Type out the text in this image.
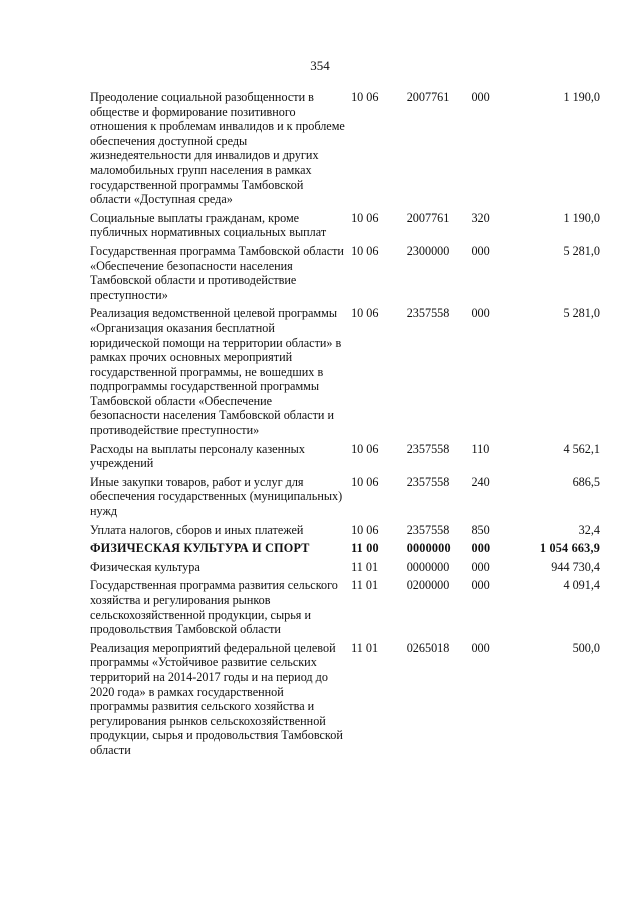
354
Преодоление социальной разобщенности в обществе и формирование позитивного отношения к проблемам инвалидов и к проблеме обеспечения доступной среды жизнедеятельности для инвалидов и других маломобильных групп населения в рамках государственной программы Тамбовской области «Доступная среда»	10 06	2007761	000	1 190,0
Социальные выплаты гражданам, кроме публичных нормативных социальных выплат	10 06	2007761	320	1 190,0
Государственная программа Тамбовской области «Обеспечение безопасности населения Тамбовской области и противодействие преступности»	10 06	2300000	000	5 281,0
Реализация ведомственной целевой программы «Организация оказания бесплатной юридической помощи на территории области» в рамках прочих основных мероприятий государственной программы, не вошедших в подпрограммы государственной программы Тамбовской области «Обеспечение безопасности населения Тамбовской области и противодействие преступности»	10 06	2357558	000	5 281,0
Расходы на выплаты персоналу казенных учреждений	10 06	2357558	110	4 562,1
Иные закупки товаров, работ и услуг для обеспечения государственных (муниципальных) нужд	10 06	2357558	240	686,5
Уплата налогов, сборов и иных платежей	10 06	2357558	850	32,4
ФИЗИЧЕСКАЯ КУЛЬТУРА И СПОРТ	11 00	0000000	000	1 054 663,9
Физическая культура	11 01	0000000	000	944 730,4
Государственная программа развития сельского хозяйства и регулирования рынков сельскохозяйственной продукции, сырья и продовольствия Тамбовской области	11 01	0200000	000	4 091,4
Реализация мероприятий федеральной целевой программы «Устойчивое развитие сельских территорий на 2014-2017 годы и на период до 2020 года» в рамках государственной программы развития сельского хозяйства и регулирования рынков сельскохозяйственной продукции, сырья и продовольствия Тамбовской области	11 01	0265018	000	500,0
